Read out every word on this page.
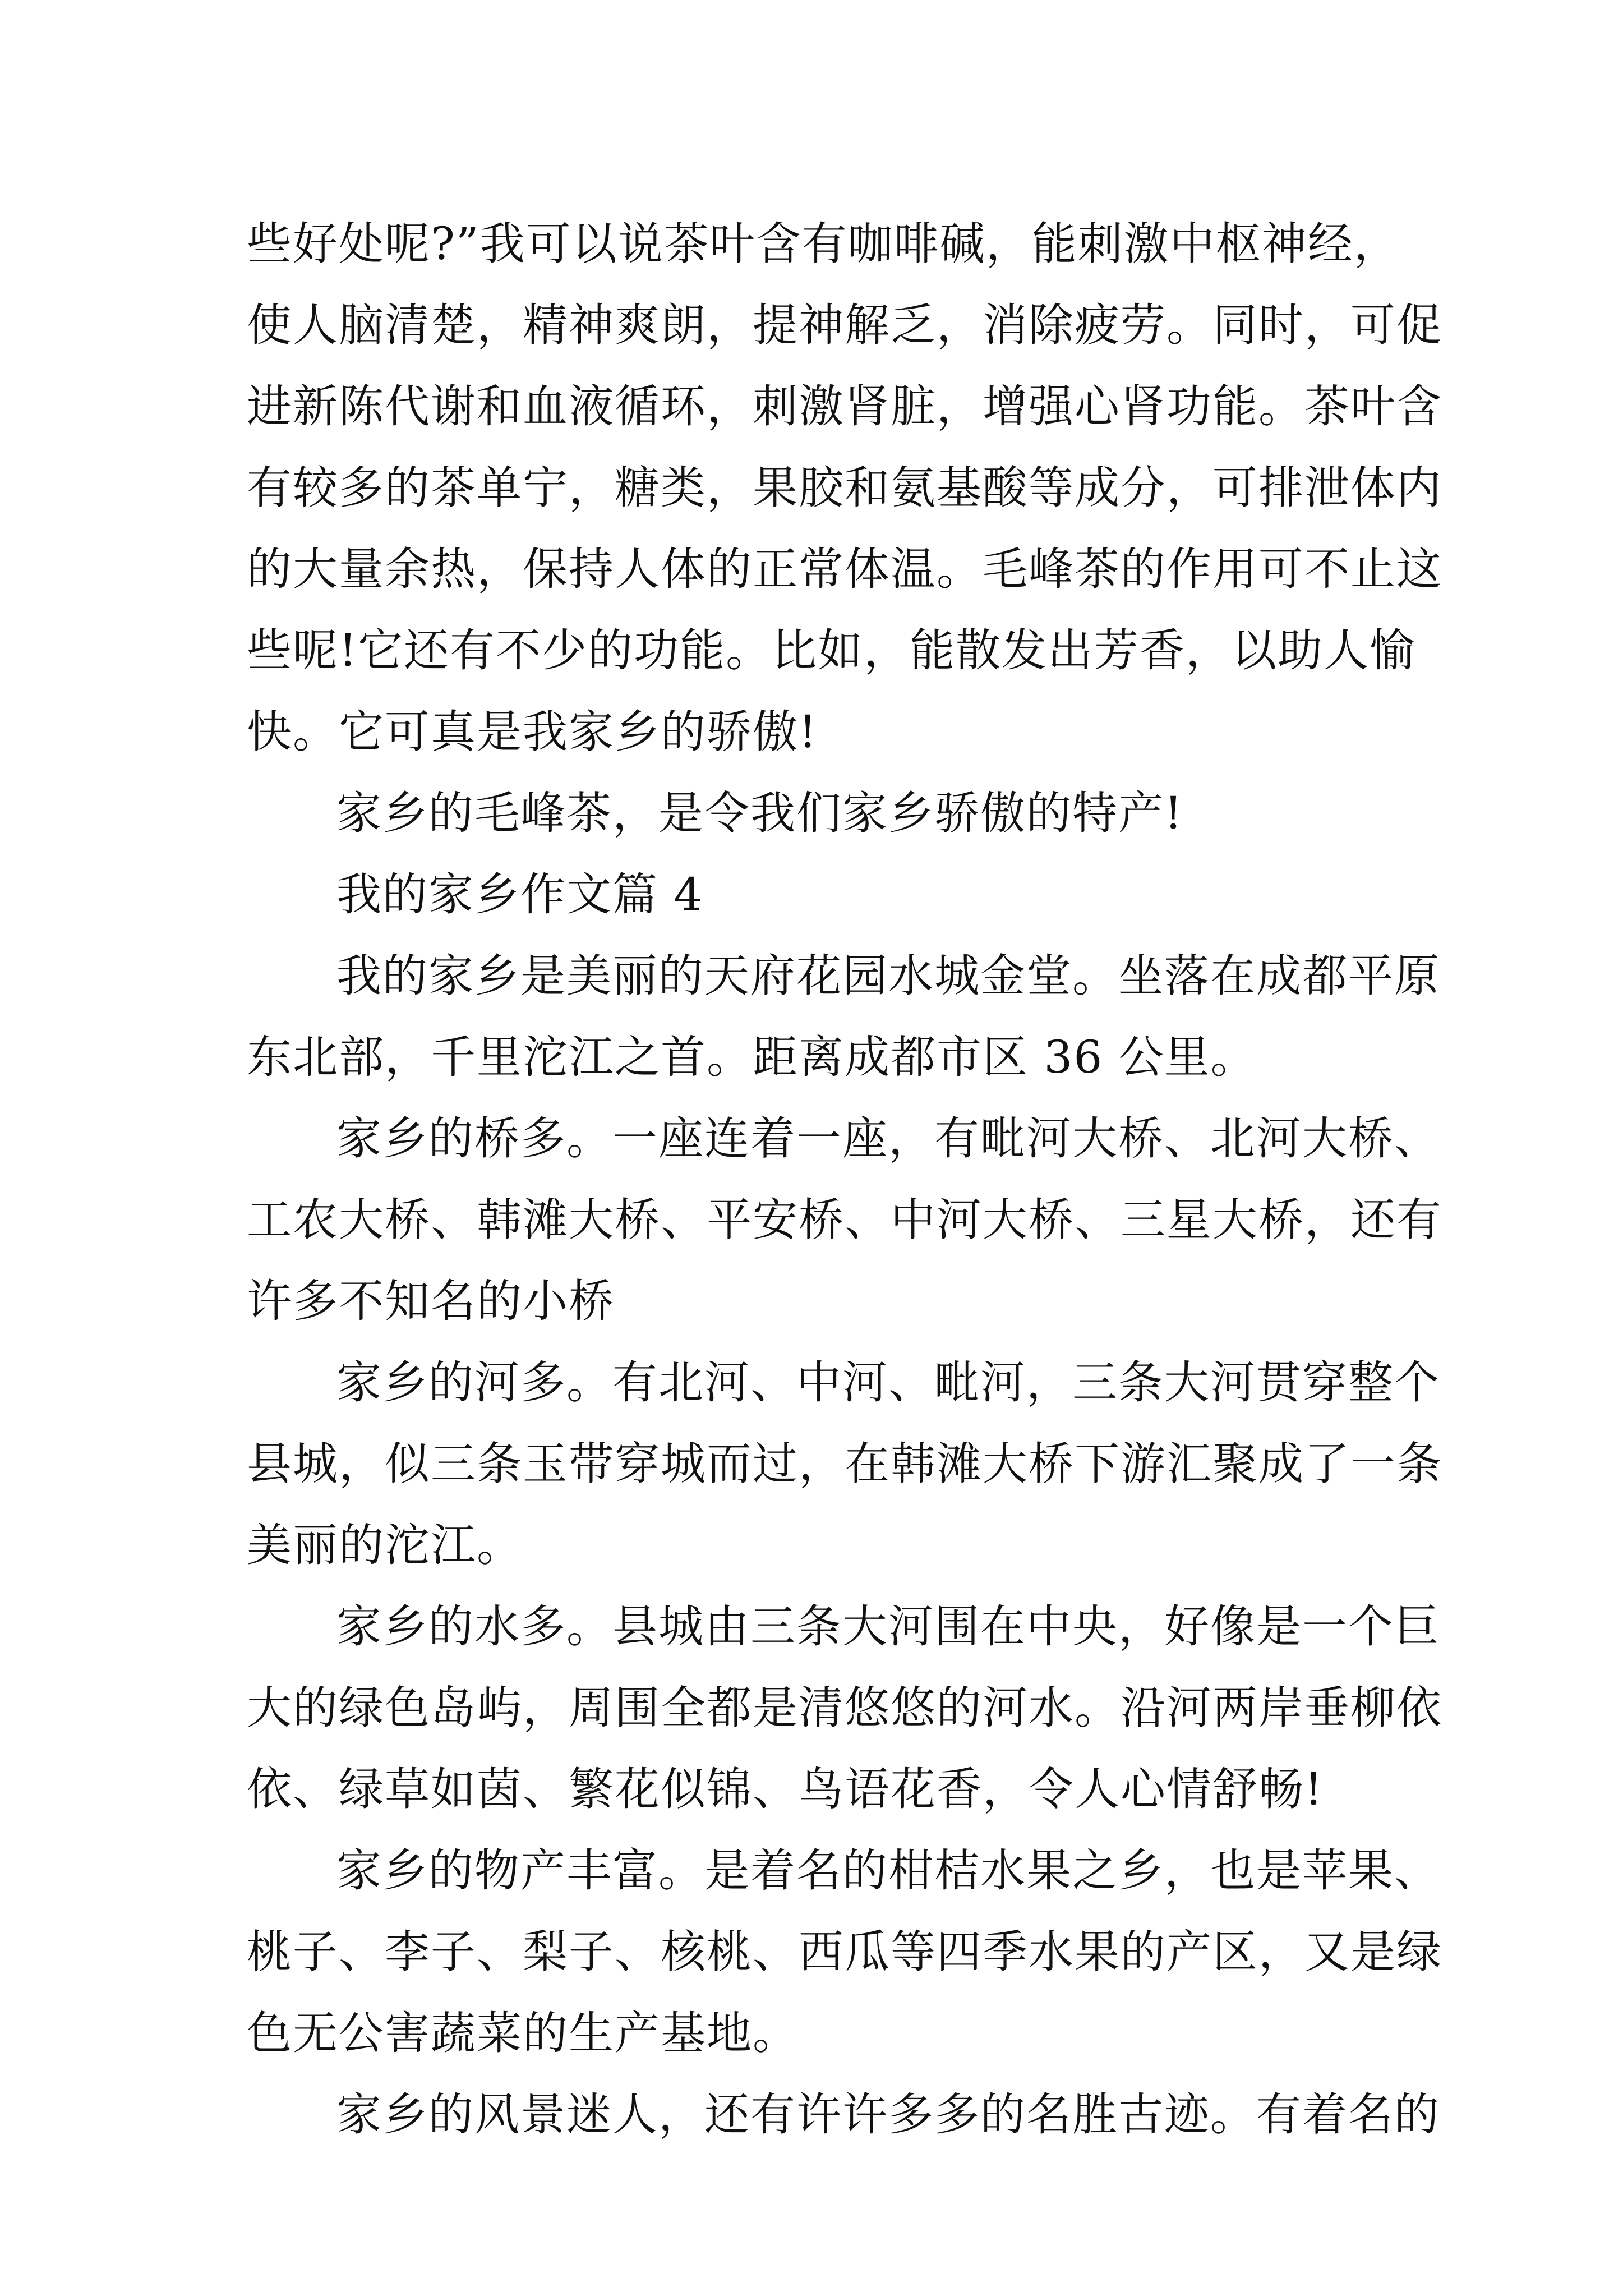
些好处呢?”我可以说茶叶含有咖啡碱，能刺激中枢神经，
使人脑清楚，精神爽朗，提神解乏，消除疲劳。同时，可促
进新陈代谢和血液循环，刺激肾脏，增强心肾功能。茶叶含
有较多的茶单宁，糖类，果胶和氨基酸等成分，可排泄体内
的大量余热，保持人体的正常体温。毛峰茶的作用可不止这
些呢!它还有不少的功能。比如，能散发出芳香，以助人愉
快。它可真是我家乡的骄傲!
家乡的毛峰茶，是令我们家乡骄傲的特产!
我的家乡作文篇 4
我的家乡是美丽的天府花园水城金堂。坐落在成都平原
东北部，千里沱江之首。距离成都市区 36 公里。
家乡的桥多。一座连着一座，有毗河大桥、北河大桥、
工农大桥、韩滩大桥、平安桥、中河大桥、三星大桥，还有
许多不知名的小桥
家乡的河多。有北河、中河、毗河，三条大河贯穿整个
县城，似三条玉带穿城而过，在韩滩大桥下游汇聚成了一条
美丽的沱江。
家乡的水多。县城由三条大河围在中央，好像是一个巨
大的绿色岛屿，周围全都是清悠悠的河水。沿河两岸垂柳依
依、绿草如茵、繁花似锦、鸟语花香，令人心情舒畅!
家乡的物产丰富。是着名的柑桔水果之乡，也是苹果、
桃子、李子、梨子、核桃、西瓜等四季水果的产区，又是绿
色无公害蔬菜的生产基地。
家乡的风景迷人，还有许许多多的名胜古迹。有着名的
